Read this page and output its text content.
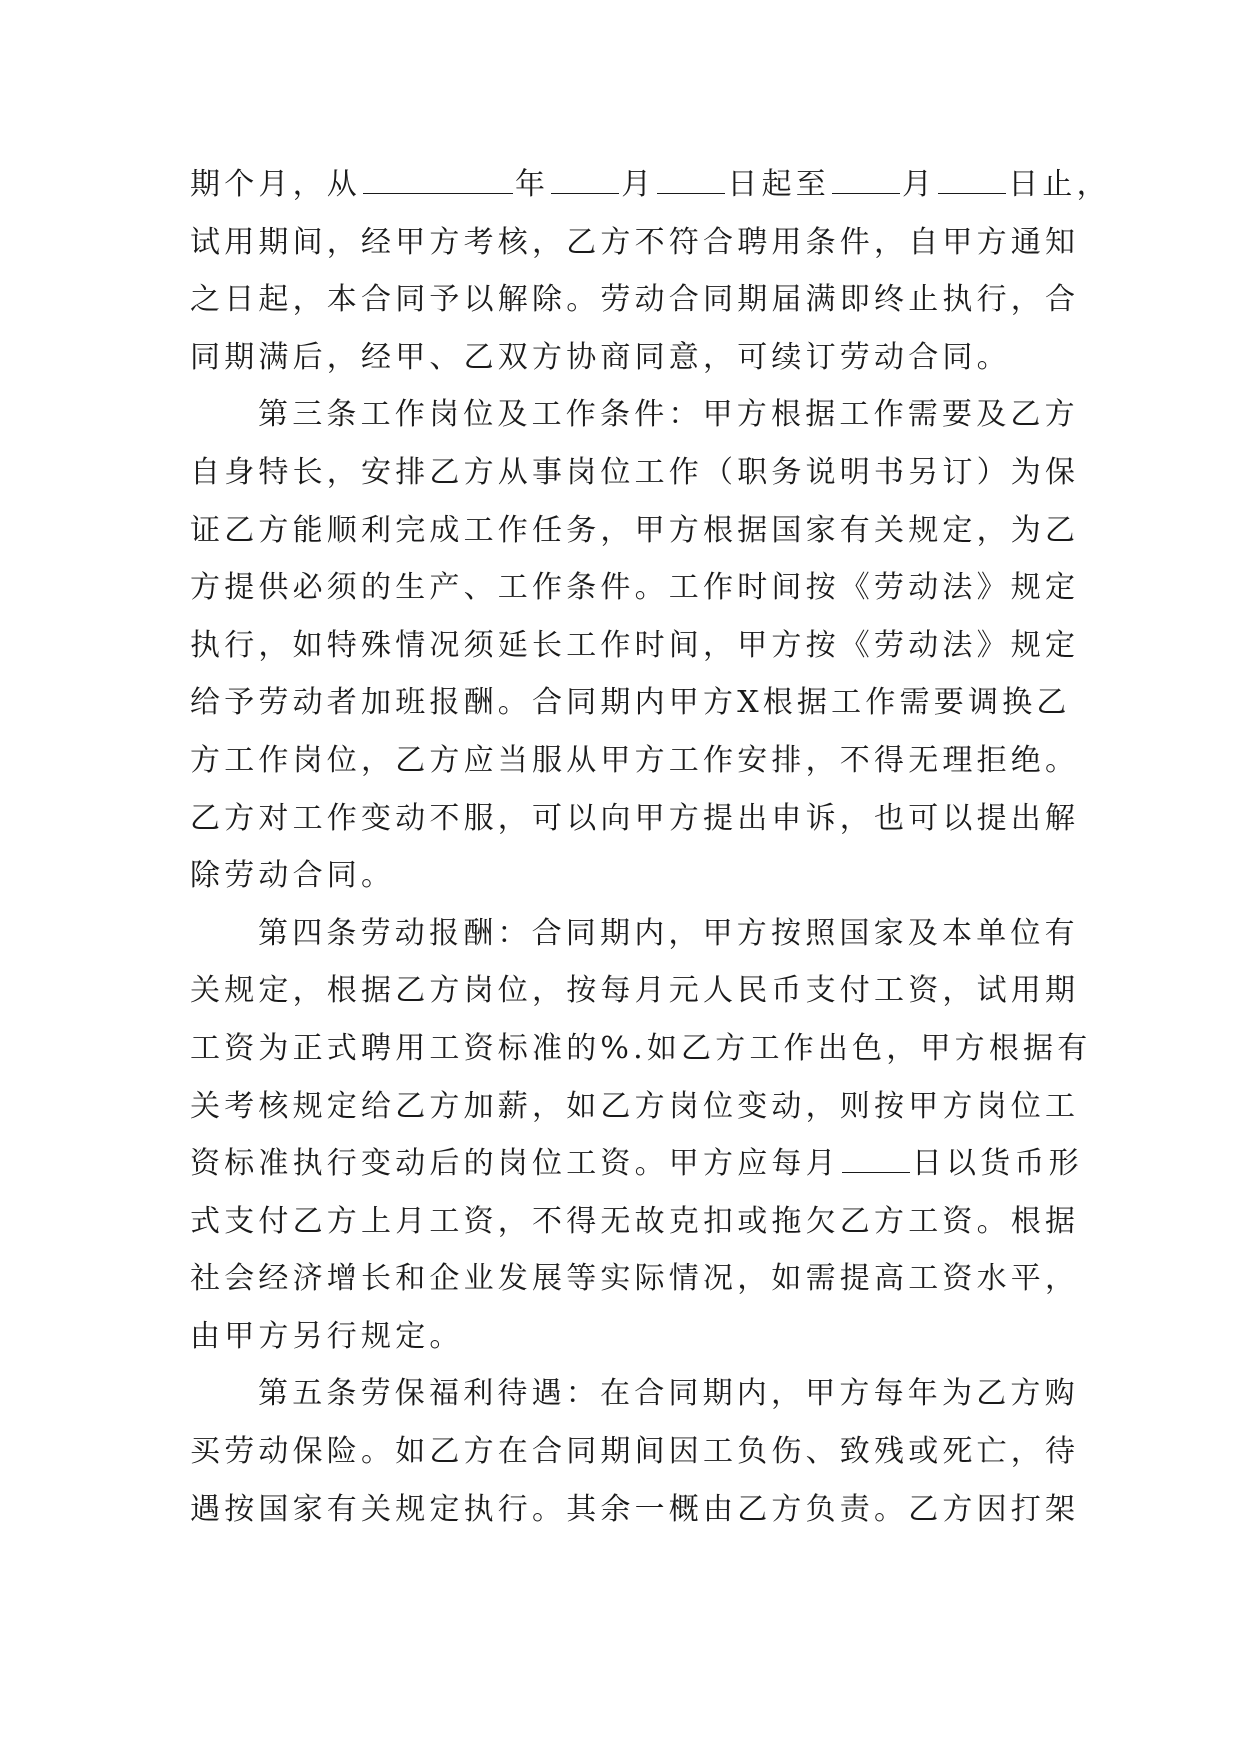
期个月，从	年 月 日起至 月 日止，
试用期间，经甲方考核，乙方不符合聘用条件，自甲方通知
之日起，本合同予以解除。劳动合同期届满即终止执行，合
同期满后，经甲、乙双方协商同意，可续订劳动合同。
第三条工作岗位及工作条件：甲方根据工作需要及乙方
自身特长，安排乙方从事岗位工作（职务说明书另订）为保
证乙方能顺利完成工作任务，甲方根据国家有关规定，为乙
方提供必须的生产、工作条件。工作时间按《劳动法》规定
执行，如特殊情况须延长工作时间，甲方按《劳动法》规定
给予劳动者加班报酬。合同期内甲方X根据工作需要调换乙
方工作岗位，乙方应当服从甲方工作安排，不得无理拒绝。
乙方对工作变动不服，可以向甲方提出申诉，也可以提出解
除劳动合同。
第四条劳动报酬：合同期内，甲方按照国家及本单位有
关规定，根据乙方岗位，按每月元人民币支付工资，试用期
工资为正式聘用工资标准的%.如乙方工作出色，甲方根据有
关考核规定给乙方加薪，如乙方岗位变动，则按甲方岗位工
资标准执行变动后的岗位工资。甲方应每月 日以货币形
式支付乙方上月工资，不得无故克扣或拖欠乙方工资。根据
社会经济增长和企业发展等实际情况，如需提高工资水平，
由甲方另行规定。
第五条劳保福利待遇：在合同期内，甲方每年为乙方购
买劳动保险。如乙方在合同期间因工负伤、致残或死亡，待
遇按国家有关规定执行。其余一概由乙方负责。乙方因打架
